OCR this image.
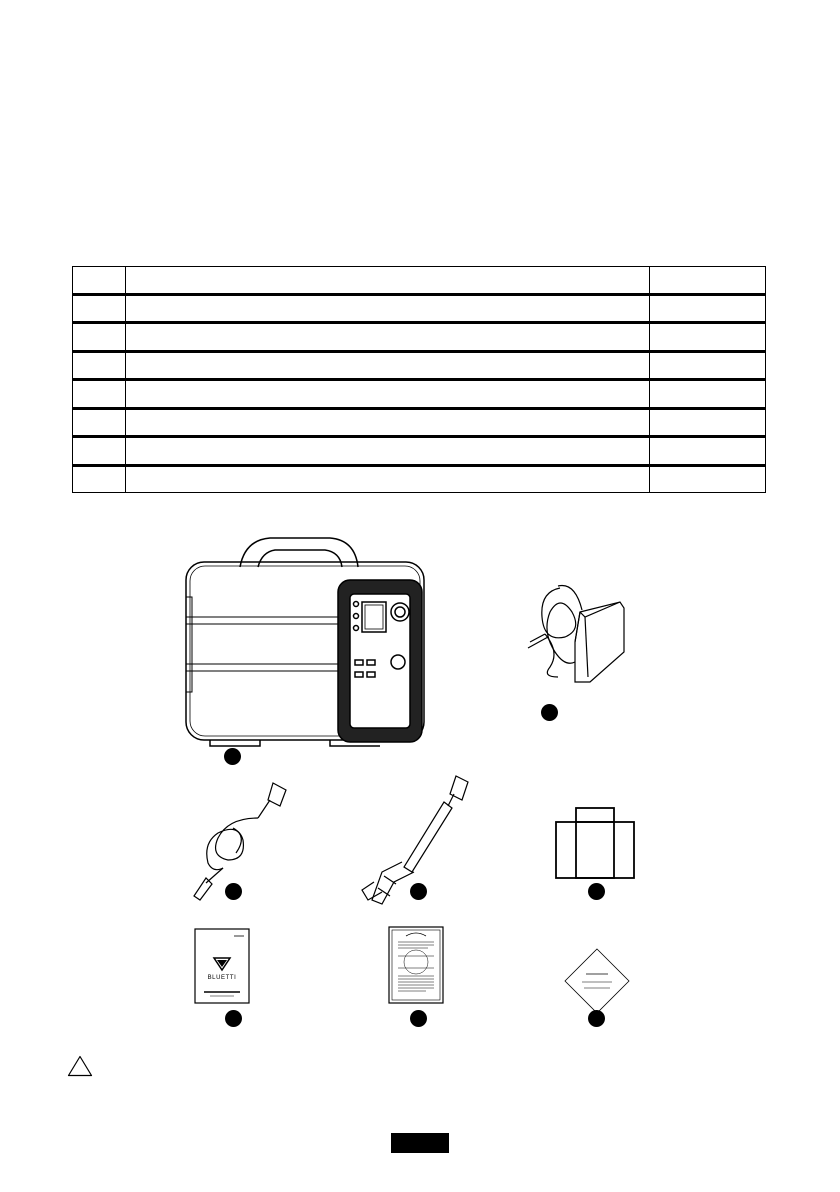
BLUETTI
